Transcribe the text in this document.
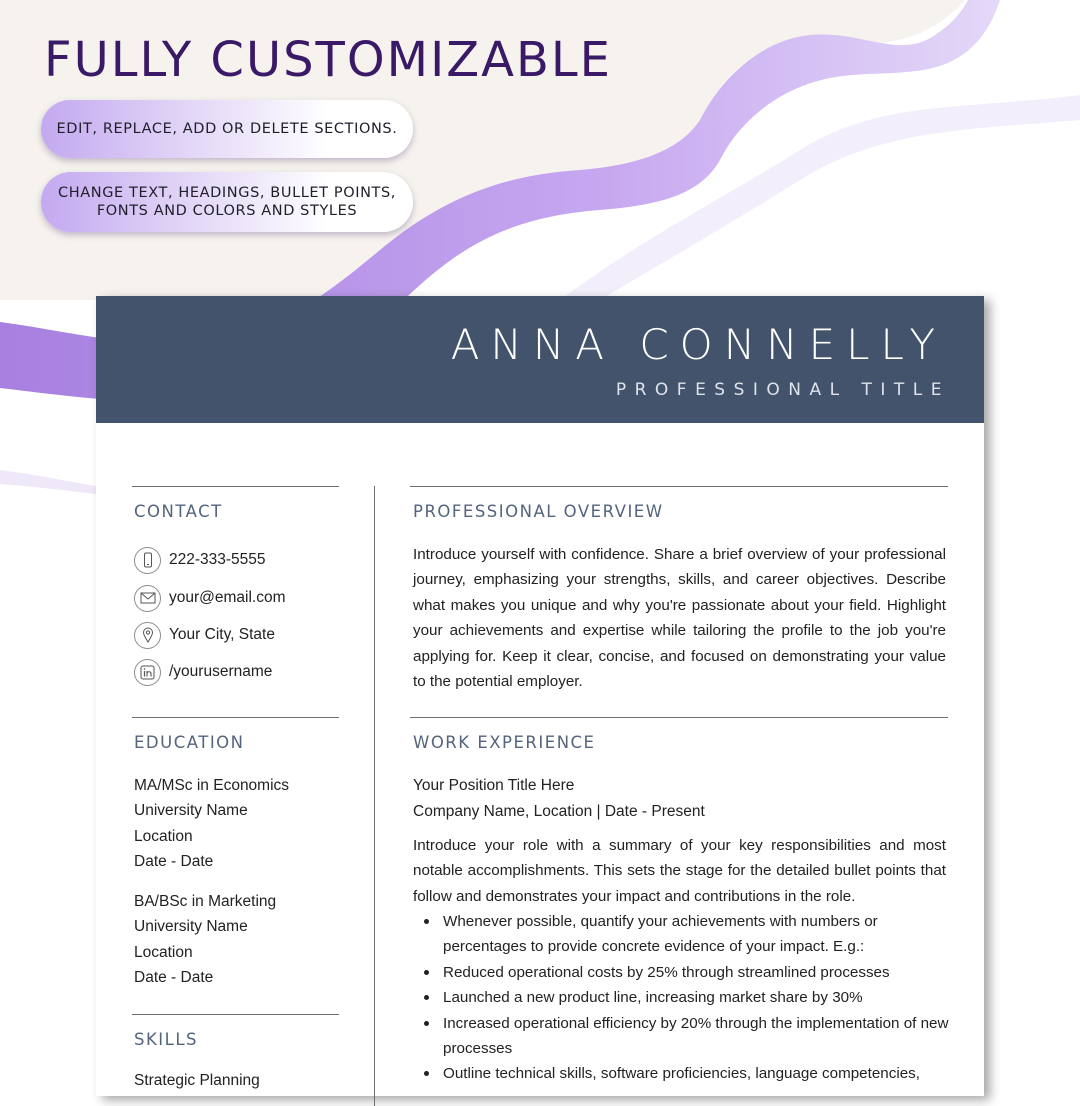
FULLY CUSTOMIZABLE
EDIT, REPLACE, ADD OR DELETE SECTIONS.
CHANGE TEXT, HEADINGS, BULLET POINTS,
FONTS AND COLORS AND STYLES
ANNA CONNELLY
PROFESSIONAL TITLE
CONTACT
222-333-5555
your@email.com
Your City, State
/yourusername
EDUCATION
MA/MSc in Economics
University Name
Location
Date - Date
BA/BSc in Marketing
University Name
Location
Date - Date
SKILLS
Strategic Planning
PROFESSIONAL OVERVIEW

Introduce yourself with confidence. Share a brief overview of your professional journey, emphasizing your strengths, skills, and career objectives. Describe what makes you unique and why you're passionate about your field. Highlight your achievements and expertise while tailoring the profile to the job you're applying for. Keep it clear, concise, and focused on demonstrating your value to the potential employer.

WORK EXPERIENCE
Your Position Title Here
Company Name, Location | Date - Present

Introduce your role with a summary of your key responsibilities and most notable accomplishments. This sets the stage for the detailed bullet points that follow and demonstrates your impact and contributions in the role.

Whenever possible, quantify your achievements with numbers or percentages to provide concrete evidence of your impact. E.g.:
Reduced operational costs by 25% through streamlined processes
Launched a new product line, increasing market share by 30%
Increased operational efficiency by 20% through the implementation of new processes
Outline technical skills, software proficiencies, language competencies,
